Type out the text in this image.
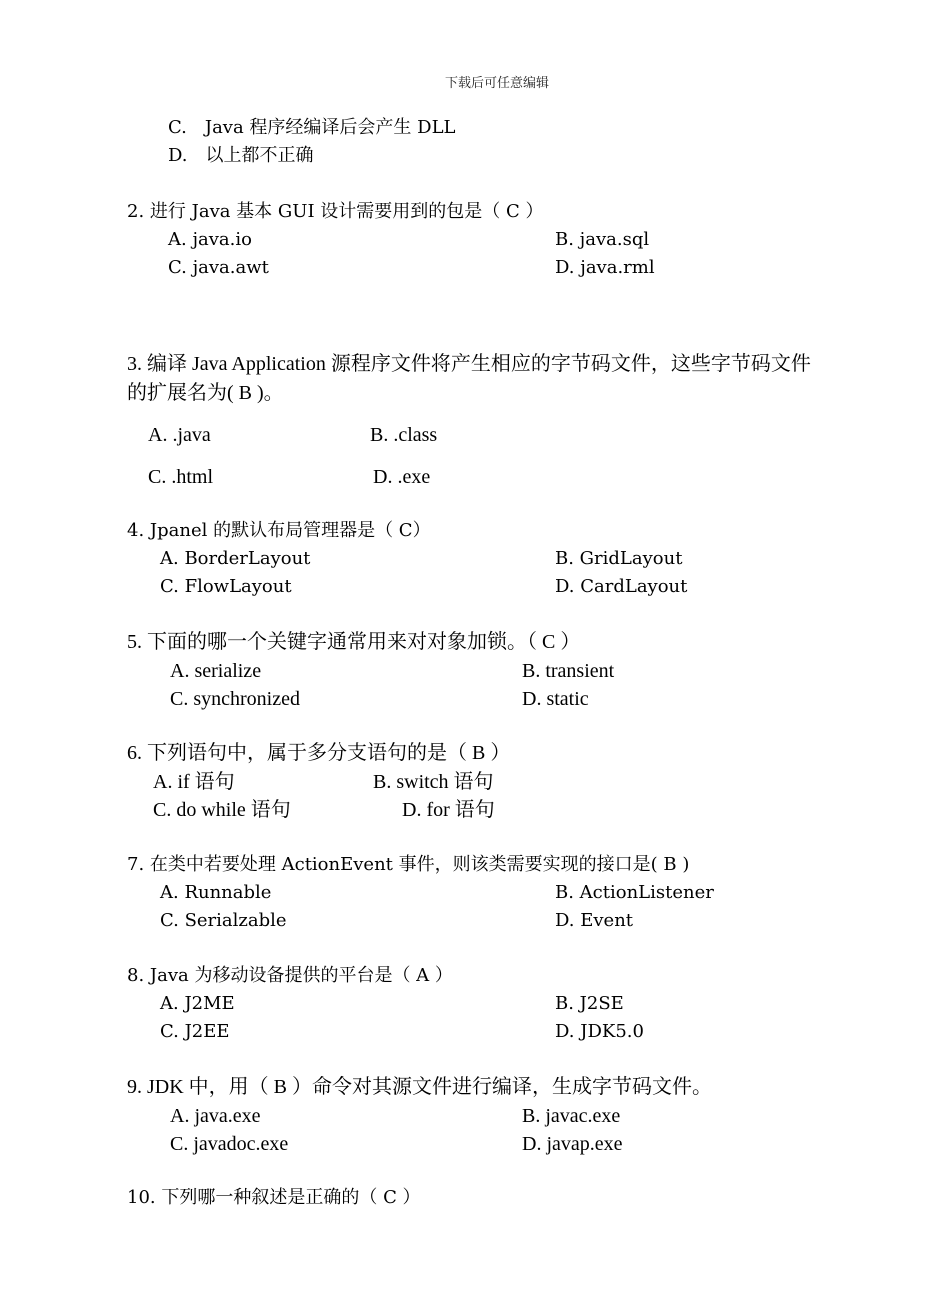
下载后可任意编辑
C.　Java 程序经编译后会产生 DLL
D.　以上都不正确
2. 进行 Java 基本 GUI 设计需要用到的包是（ C ）
A. java.io	B. java.sql
C. java.awt	D. java.rml
3. 编译 Java Application 源程序文件将产生相应的字节码文件，这些字节码文件
的扩展名为( B )。
A. .java	B. .class
C. .html	D. .exe
4. Jpanel 的默认布局管理器是（ C）
A. BorderLayout	B. GridLayout
C. FlowLayout	D. CardLayout
5. 下面的哪一个关键字通常用来对对象加锁。（ C ）
A. serialize	B. transient
C. synchronized	D. static
6. 下列语句中，属于多分支语句的是（ B ）
A. if 语句	B. switch 语句
C. do while 语句	D. for 语句
7. 在类中若要处理 ActionEvent 事件，则该类需要实现的接口是( B )
A. Runnable	B. ActionListener
C. Serialzable	D. Event
8. Java 为移动设备提供的平台是（ A ）
A. J2ME	B. J2SE
C. J2EE	D. JDK5.0
9. JDK 中，用（ B ）命令对其源文件进行编译，生成字节码文件。
A. java.exe	B. javac.exe
C. javadoc.exe	D. javap.exe
10. 下列哪一种叙述是正确的（ C ）
